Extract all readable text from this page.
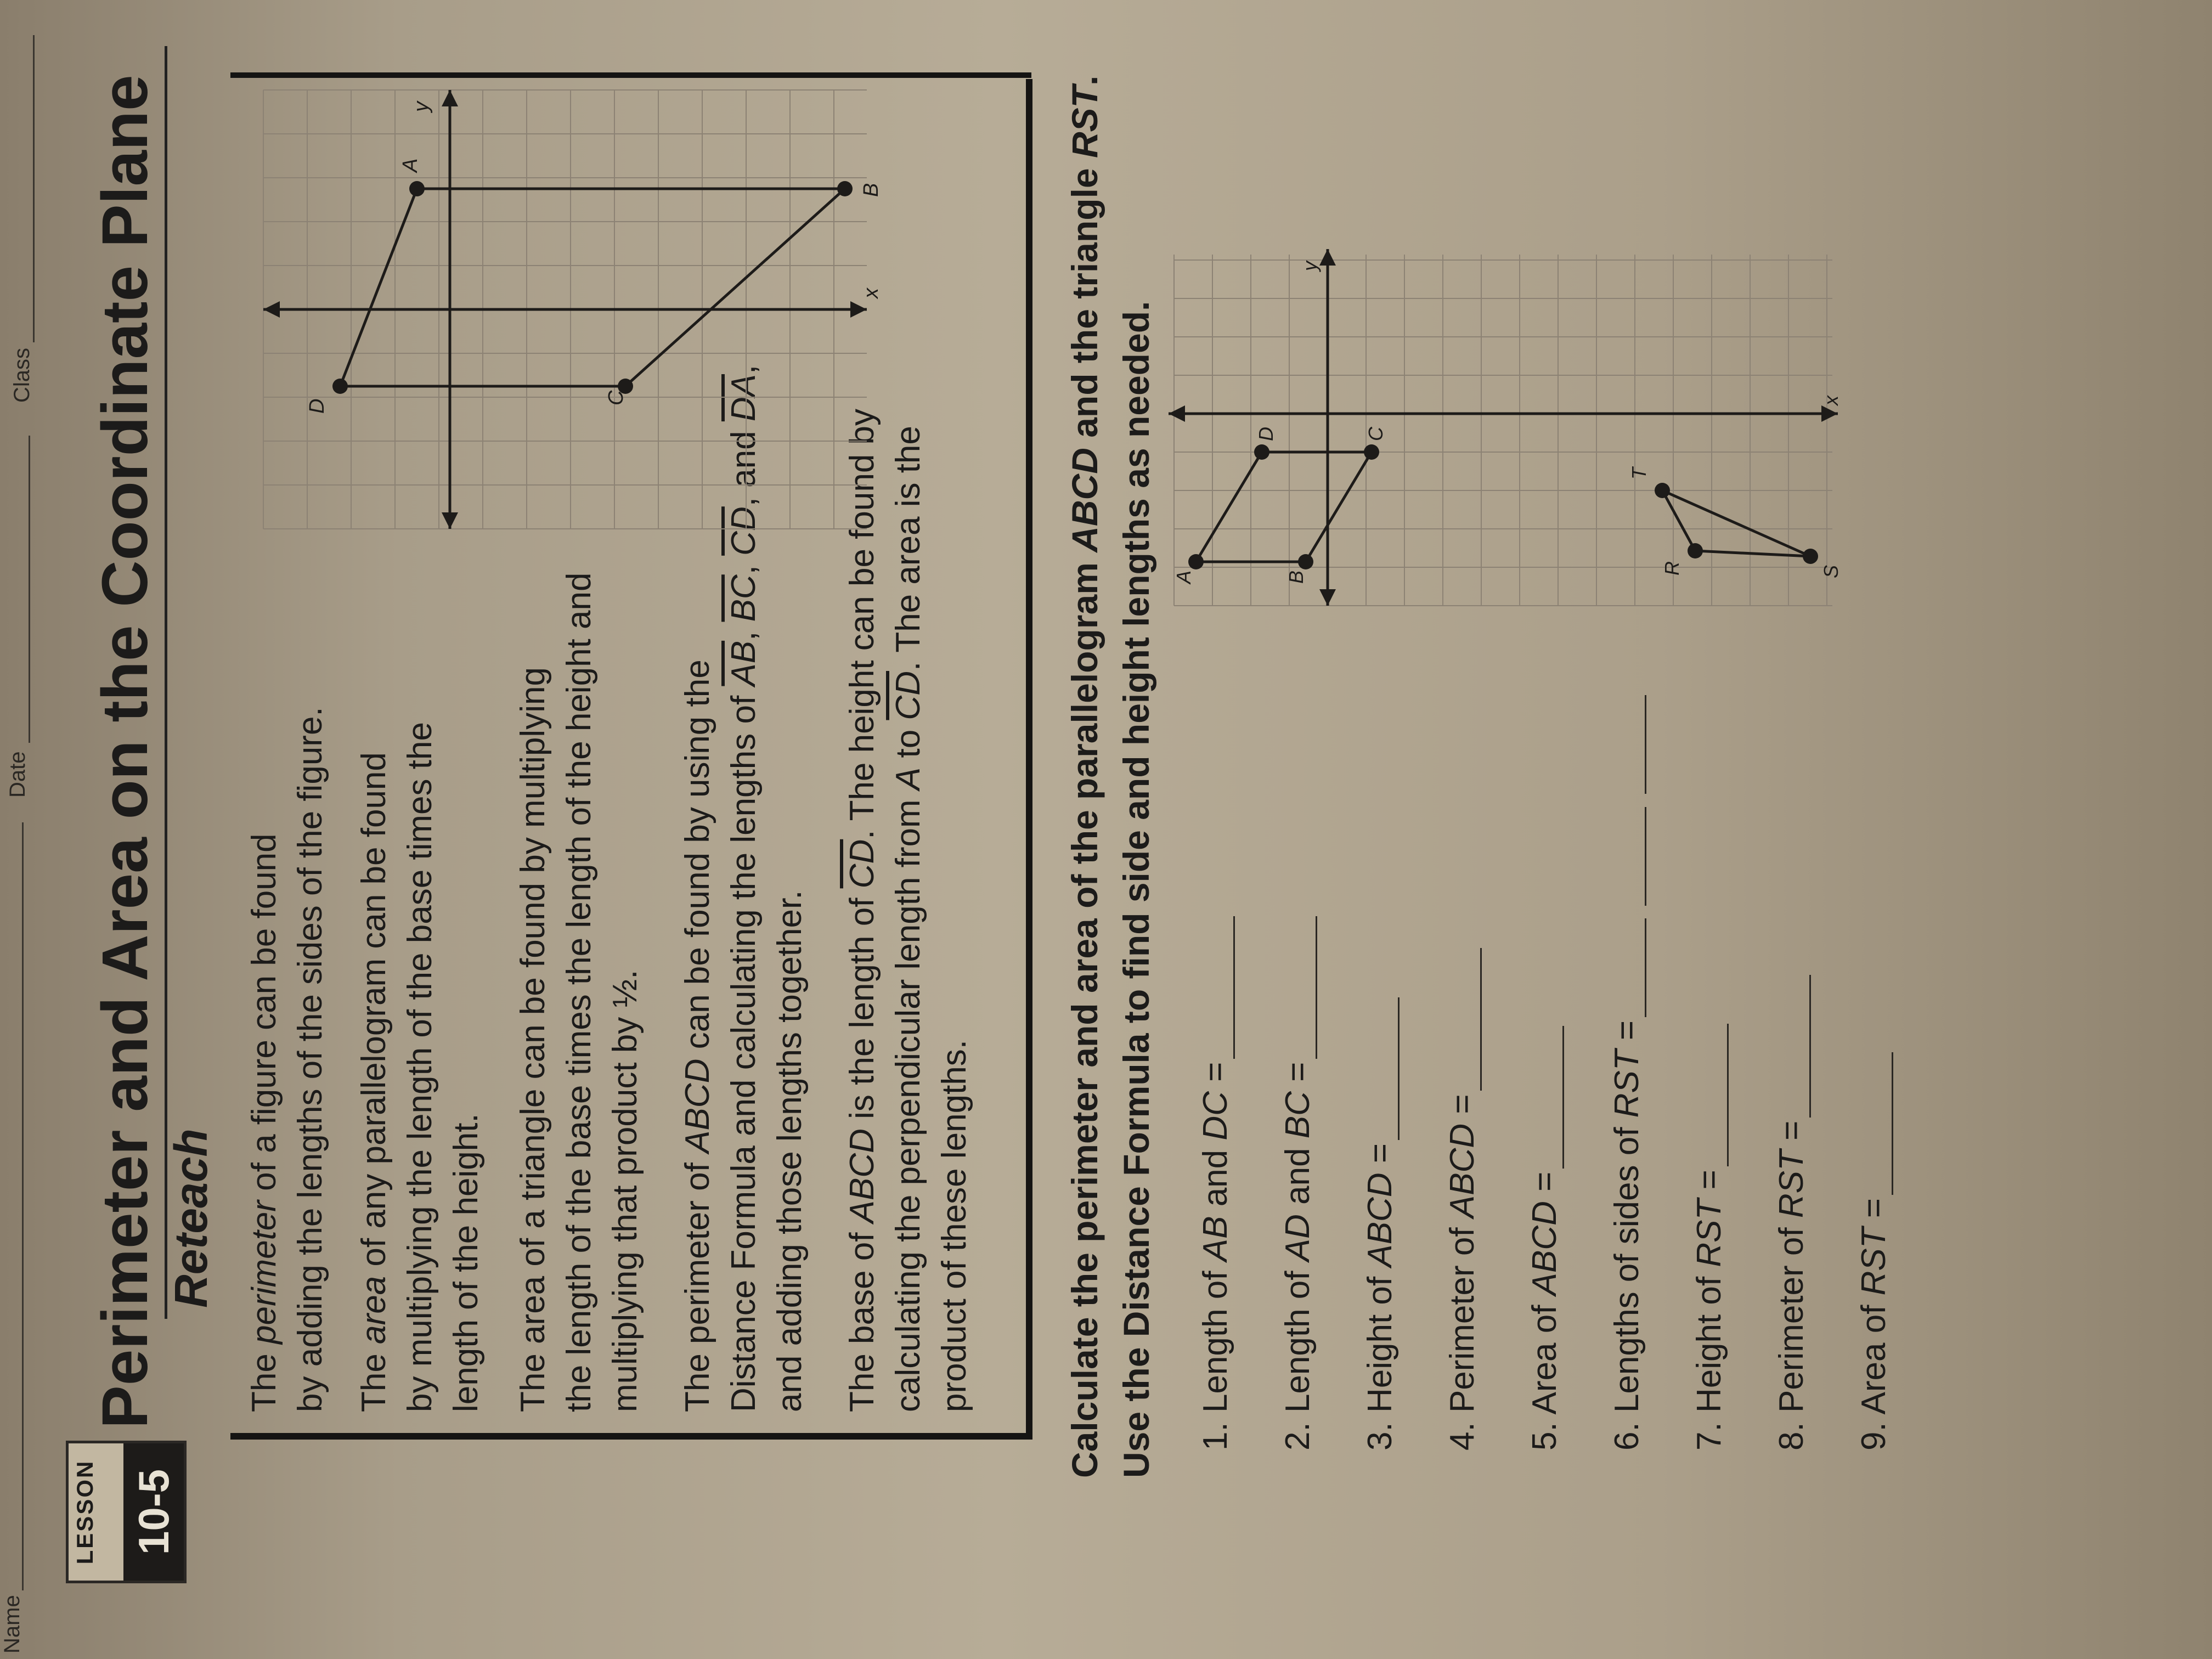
Name
Date
Class
LESSON 10-5
Perimeter and Area on the Coordinate Plane Reteach
The perimeter of a figure can be found by adding the lengths of the sides of the figure. The area of any parallelogram can be found by multiplying the length of the base times the length of the height. The area of a triangle can be found by multiplying the length of the base times the length of the height and multiplying that product by ½. The perimeter of ABCD can be found by using the Distance Formula and calculating the lengths of $\overline{AB}$, $\overline{BC}$, $\overline{CD}$, and $\overline{DA}$,
and adding those lengths together. The base of ABCD is the length of $\overline{CD}$. The height can be found by
calculating the perpendicular length from A to $\overline{CD}$. The area is the
product of these lengths.
D
B
A
C
y
x
Calculate the perimeter and area of the parallelogram ABCD and the triangle RST.
Use the Distance Formula to find side and height lengths as needed. 1. Length of AB and DC =
2. Length of AD and BC =
3. Height of ABCD =
4. Perimeter of ABCD =
5. Area of ABCD =
6. Lengths of sides of RST =
7. Height of RST =
8. Perimeter of RST =
9. Area of RST =
A	B
C
D
T
R	S
y
x
